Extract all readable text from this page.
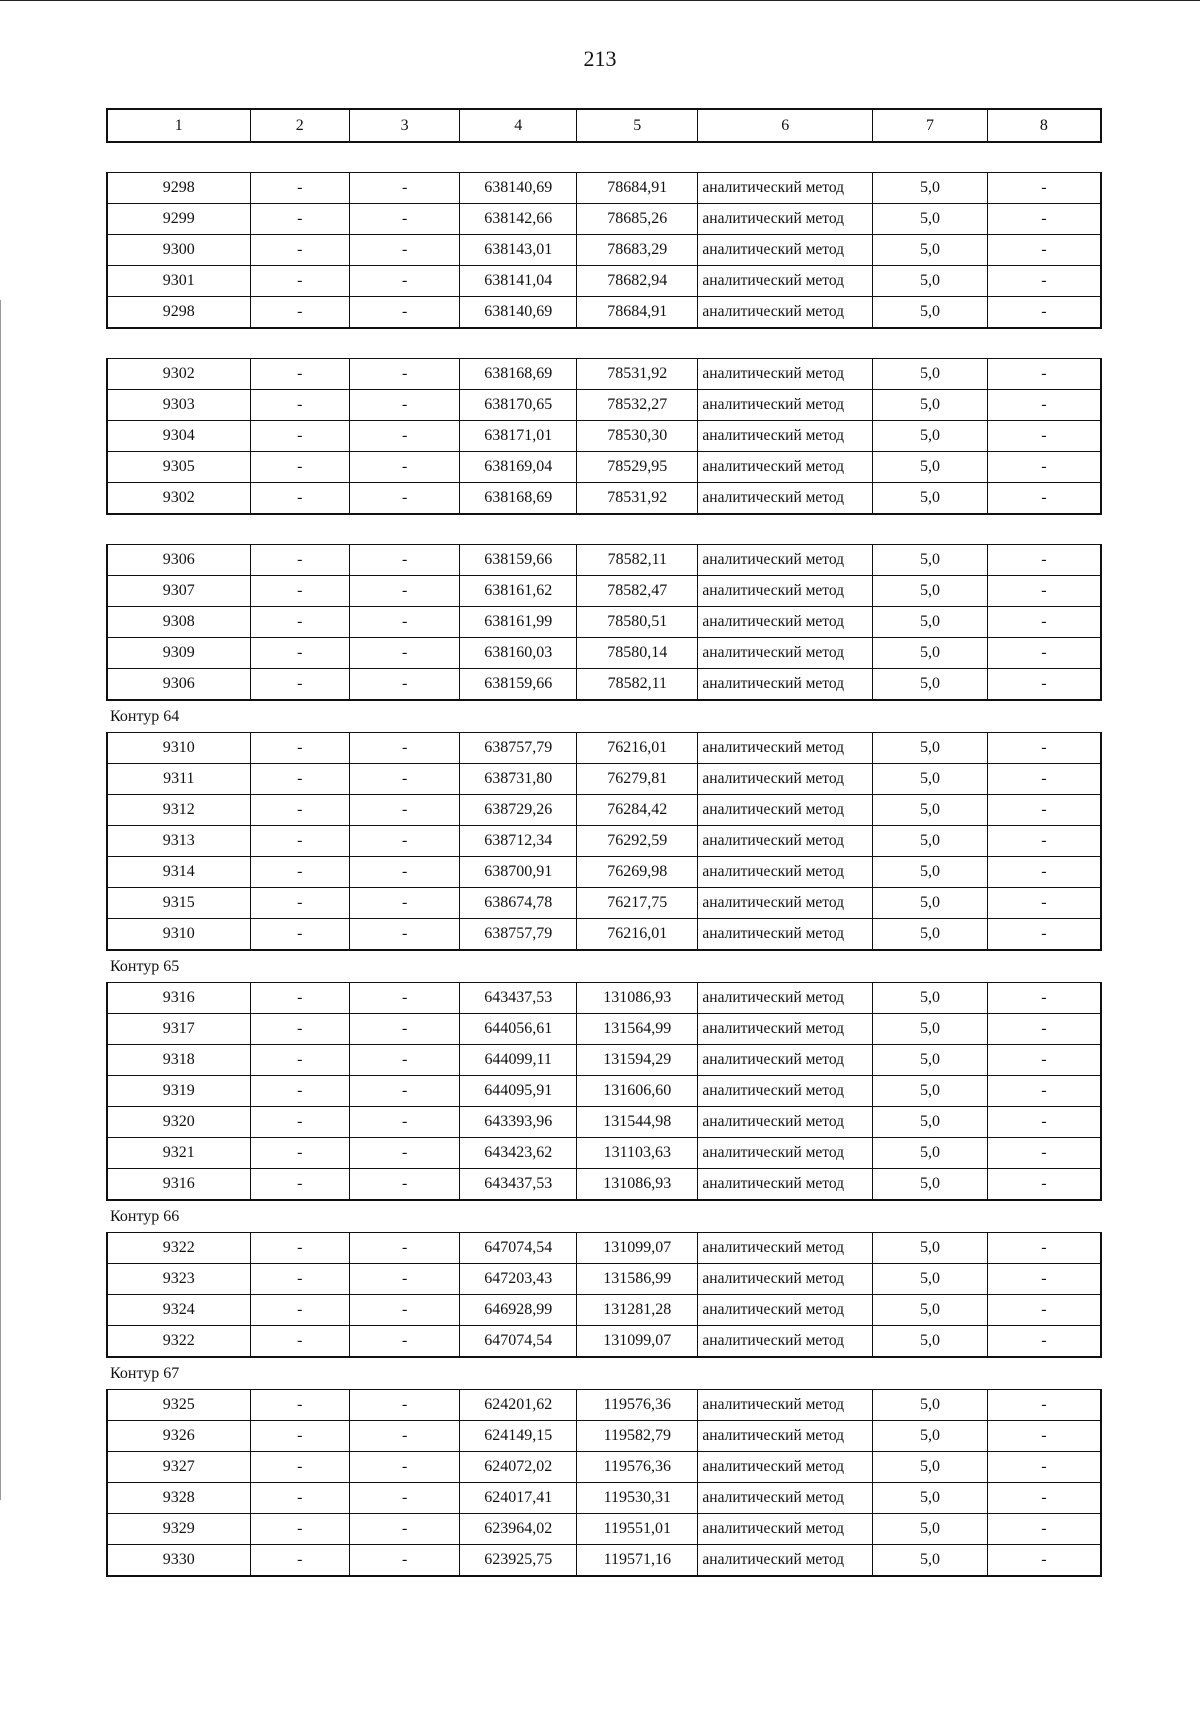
213
1	2	3	4	5	6	7	8
9298	-	-	638140,69	78684,91	аналитический метод	5,0	-
9299	-	-	638142,66	78685,26	аналитический метод	5,0	-
9300	-	-	638143,01	78683,29	аналитический метод	5,0	-
9301	-	-	638141,04	78682,94	аналитический метод	5,0	-
9298	-	-	638140,69	78684,91	аналитический метод	5,0	-
9302	-	-	638168,69	78531,92	аналитический метод	5,0	-
9303	-	-	638170,65	78532,27	аналитический метод	5,0	-
9304	-	-	638171,01	78530,30	аналитический метод	5,0	-
9305	-	-	638169,04	78529,95	аналитический метод	5,0	-
9302	-	-	638168,69	78531,92	аналитический метод	5,0	-
9306	-	-	638159,66	78582,11	аналитический метод	5,0	-
9307	-	-	638161,62	78582,47	аналитический метод	5,0	-
9308	-	-	638161,99	78580,51	аналитический метод	5,0	-
9309	-	-	638160,03	78580,14	аналитический метод	5,0	-
9306	-	-	638159,66	78582,11	аналитический метод	5,0	-
Контур 64
9310	-	-	638757,79	76216,01	аналитический метод	5,0	-
9311	-	-	638731,80	76279,81	аналитический метод	5,0	-
9312	-	-	638729,26	76284,42	аналитический метод	5,0	-
9313	-	-	638712,34	76292,59	аналитический метод	5,0	-
9314	-	-	638700,91	76269,98	аналитический метод	5,0	-
9315	-	-	638674,78	76217,75	аналитический метод	5,0	-
9310	-	-	638757,79	76216,01	аналитический метод	5,0	-
Контур 65
9316	-	-	643437,53	131086,93	аналитический метод	5,0	-
9317	-	-	644056,61	131564,99	аналитический метод	5,0	-
9318	-	-	644099,11	131594,29	аналитический метод	5,0	-
9319	-	-	644095,91	131606,60	аналитический метод	5,0	-
9320	-	-	643393,96	131544,98	аналитический метод	5,0	-
9321	-	-	643423,62	131103,63	аналитический метод	5,0	-
9316	-	-	643437,53	131086,93	аналитический метод	5,0	-
Контур 66
9322	-	-	647074,54	131099,07	аналитический метод	5,0	-
9323	-	-	647203,43	131586,99	аналитический метод	5,0	-
9324	-	-	646928,99	131281,28	аналитический метод	5,0	-
9322	-	-	647074,54	131099,07	аналитический метод	5,0	-
Контур 67
9325	-	-	624201,62	119576,36	аналитический метод	5,0	-
9326	-	-	624149,15	119582,79	аналитический метод	5,0	-
9327	-	-	624072,02	119576,36	аналитический метод	5,0	-
9328	-	-	624017,41	119530,31	аналитический метод	5,0	-
9329	-	-	623964,02	119551,01	аналитический метод	5,0	-
9330	-	-	623925,75	119571,16	аналитический метод	5,0	-
